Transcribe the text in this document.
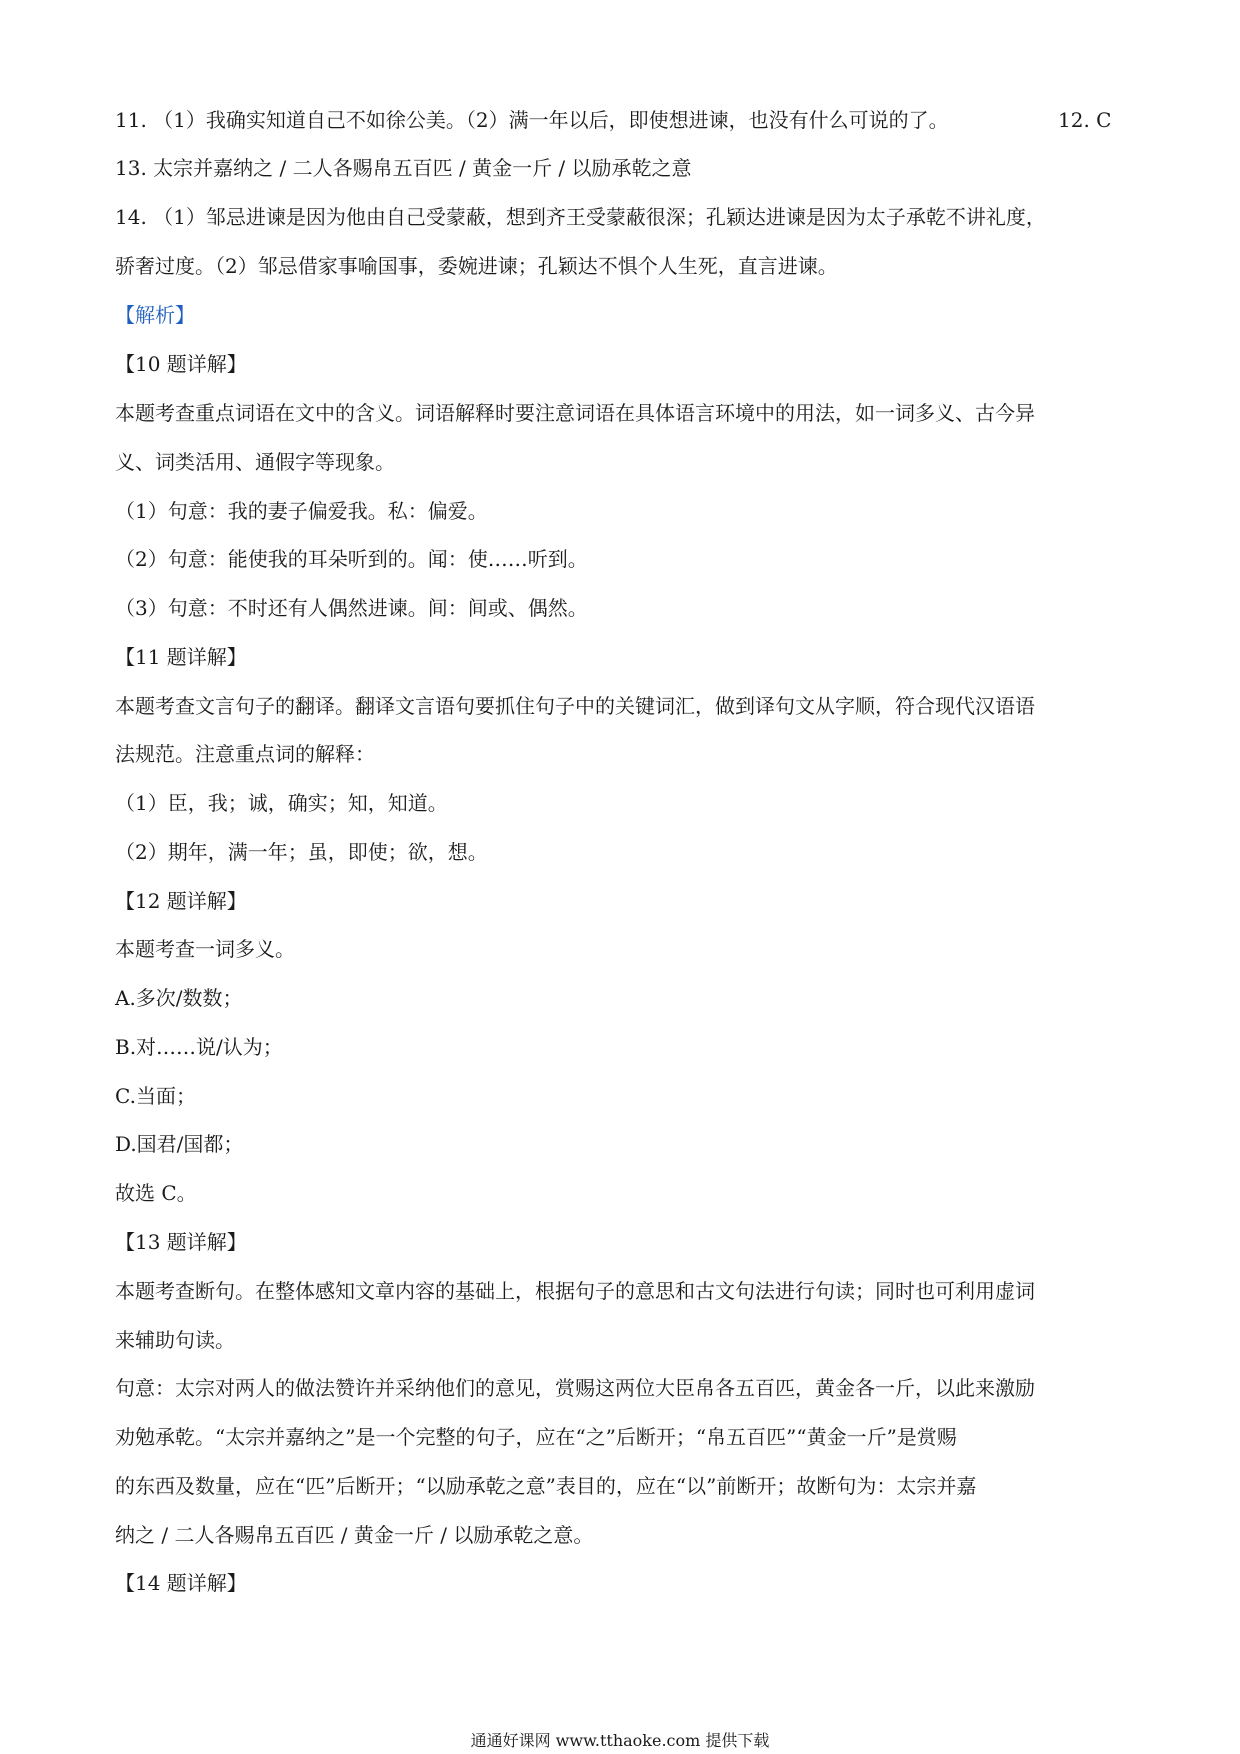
11. （1）我确实知道自己不如徐公美。（2）满一年以后，即使想进谏，也没有什么可说的了。	12. C
13. 太宗并嘉纳之 / 二人各赐帛五百匹 / 黄金一斤 / 以励承乾之意
14. （1）邹忌进谏是因为他由自己受蒙蔽，想到齐王受蒙蔽很深；孔颖达进谏是因为太子承乾不讲礼度，
骄奢过度。（2）邹忌借家事喻国事，委婉进谏；孔颖达不惧个人生死，直言进谏。
【解析】
【10 题详解】
本题考查重点词语在文中的含义。词语解释时要注意词语在具体语言环境中的用法，如一词多义、古今异
义、词类活用、通假字等现象。
（1）句意：我的妻子偏爱我。私：偏爱。
（2）句意：能使我的耳朵听到的。闻：使……听到。
（3）句意：不时还有人偶然进谏。间：间或、偶然。
【11 题详解】
本题考查文言句子的翻译。翻译文言语句要抓住句子中的关键词汇，做到译句文从字顺，符合现代汉语语
法规范。注意重点词的解释：
（1）臣，我；诚，确实；知，知道。
（2）期年，满一年；虽，即使；欲，想。
【12 题详解】
本题考查一词多义。
A.多次/数数；
B.对……说/认为；
C.当面；
D.国君/国都；
故选 C。
【13 题详解】
本题考查断句。在整体感知文章内容的基础上，根据句子的意思和古文句法进行句读；同时也可利用虚词
来辅助句读。
句意：太宗对两人的做法赞许并采纳他们的意见，赏赐这两位大臣帛各五百匹，黄金各一斤，以此来激励
劝勉承乾。“太宗并嘉纳之”是一个完整的句子，应在“之”后断开；“帛五百匹”“黄金一斤”是赏赐
的东西及数量，应在“匹”后断开；“以励承乾之意”表目的，应在“以”前断开；故断句为：太宗并嘉
纳之 / 二人各赐帛五百匹 / 黄金一斤 / 以励承乾之意。
【14 题详解】
通通好课网 www.tthaoke.com 提供下载
